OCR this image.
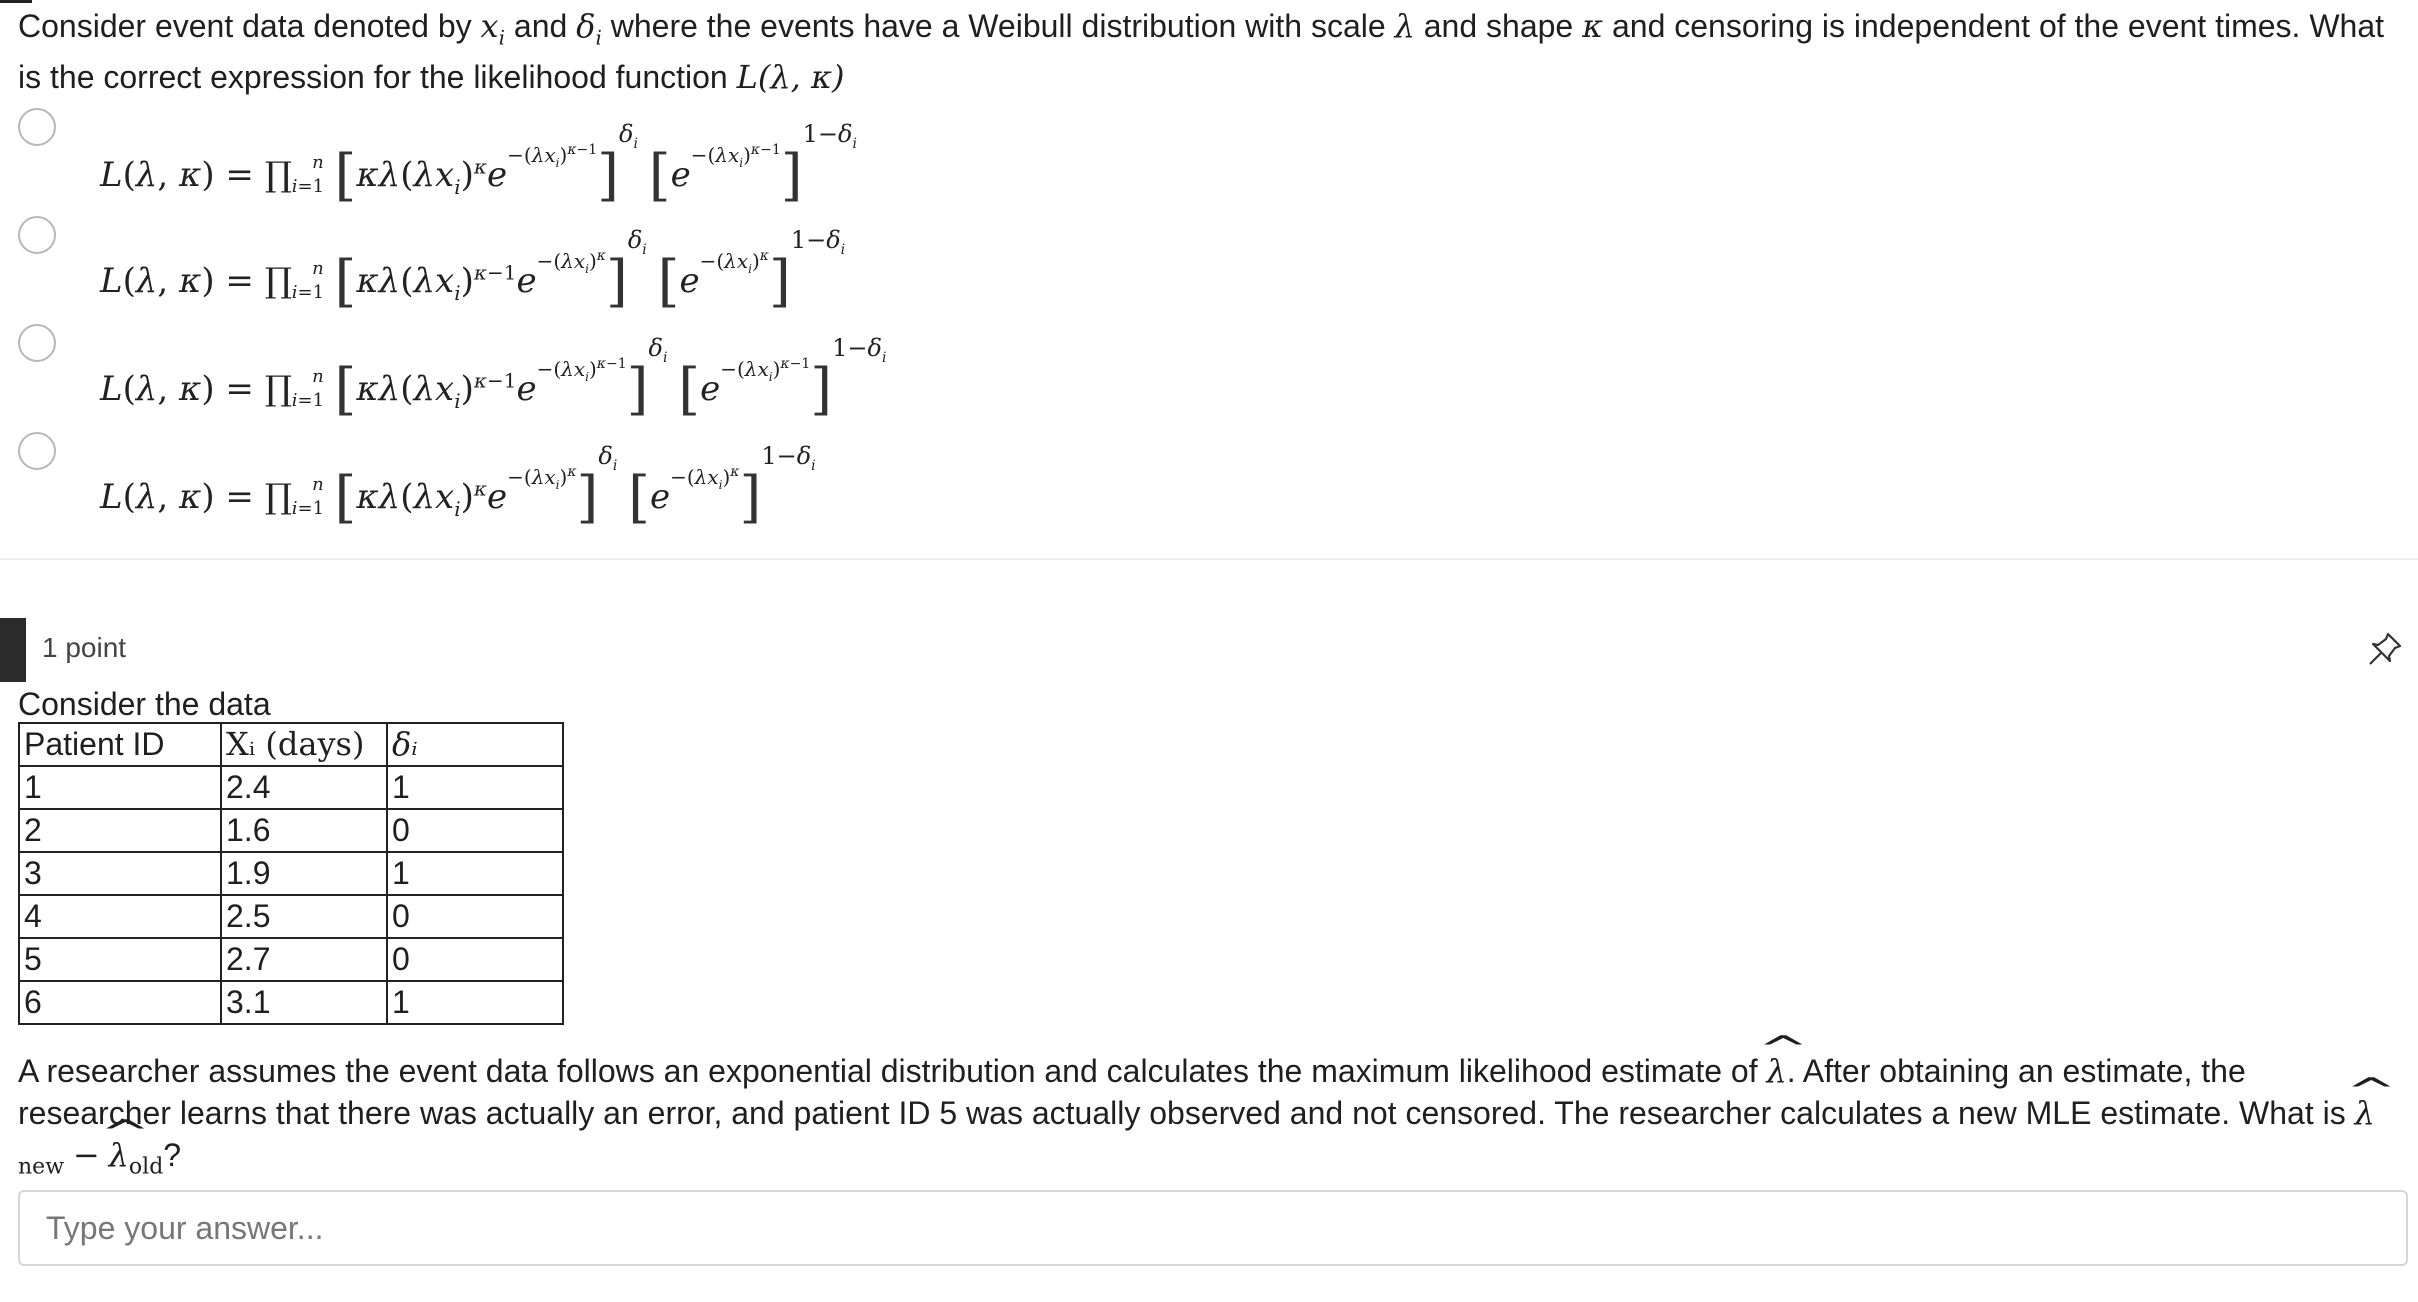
Consider event data denoted by $x_i$ and $\delta_i$ where the events have a Weibull distribution with scale λ and shape κ and censoring is independent of the event times. What is the correct expression for the likelihood function L(λ, κ)
L(λ, $\kappa) = \prod_{i=1}^n$ $[\kappa\lambda(\lambda x_i)^\kappa e^{-(\lambda x_i)^{\kappa-1}}]^{\delta_i}$ $[e^{-(\lambda x_i)^{\kappa-1}}]^{1-\delta_i}$
L(λ, $\kappa) = \prod_{i=1}^n$ $[\kappa\lambda(\lambda x_i)^{\kappa-1}e^{-(\lambda x_i)^\kappa}]^{\delta_i}$ $[e^{-(\lambda x_i)^\kappa}]^{1-\delta_i}$
L(λ, $\kappa) = \prod_{i=1}^n$ $[\kappa\lambda(\lambda x_i)^{\kappa-1}e^{-(\lambda x_i)^{\kappa-1}}]^{\delta_i}$ $[e^{-(\lambda x_i)^{\kappa-1}}]^{1-\delta_i}$
L(λ, $\kappa) = \prod_{i=1}^n$ $[\kappa\lambda(\lambda x_i)^\kappa e^{-(\lambda x_i)^\kappa}]^{\delta_i}$ $[e^{-(\lambda x_i)^\kappa}]^{1-\delta_i}$
1 point
Consider the data
Patient ID	Xᵢ (days)	δᵢ
1	2.4	1
2	1.6	0
3	1.9	1
4	2.5	0
5	2.7	0
6	3.1	1
A researcher assumes the event data follows an exponential distribution and calculates the maximum likelihood estimate of ^ λ. After obtaining an estimate, the researcher learns that there was actually an error, and patient ID 5 was actually observed and not censored. The researcher calculates a new MLE estimate. What is ^ $\lambda_{new}$ − ^ $\lambda_{old}$?

Type your answer...
